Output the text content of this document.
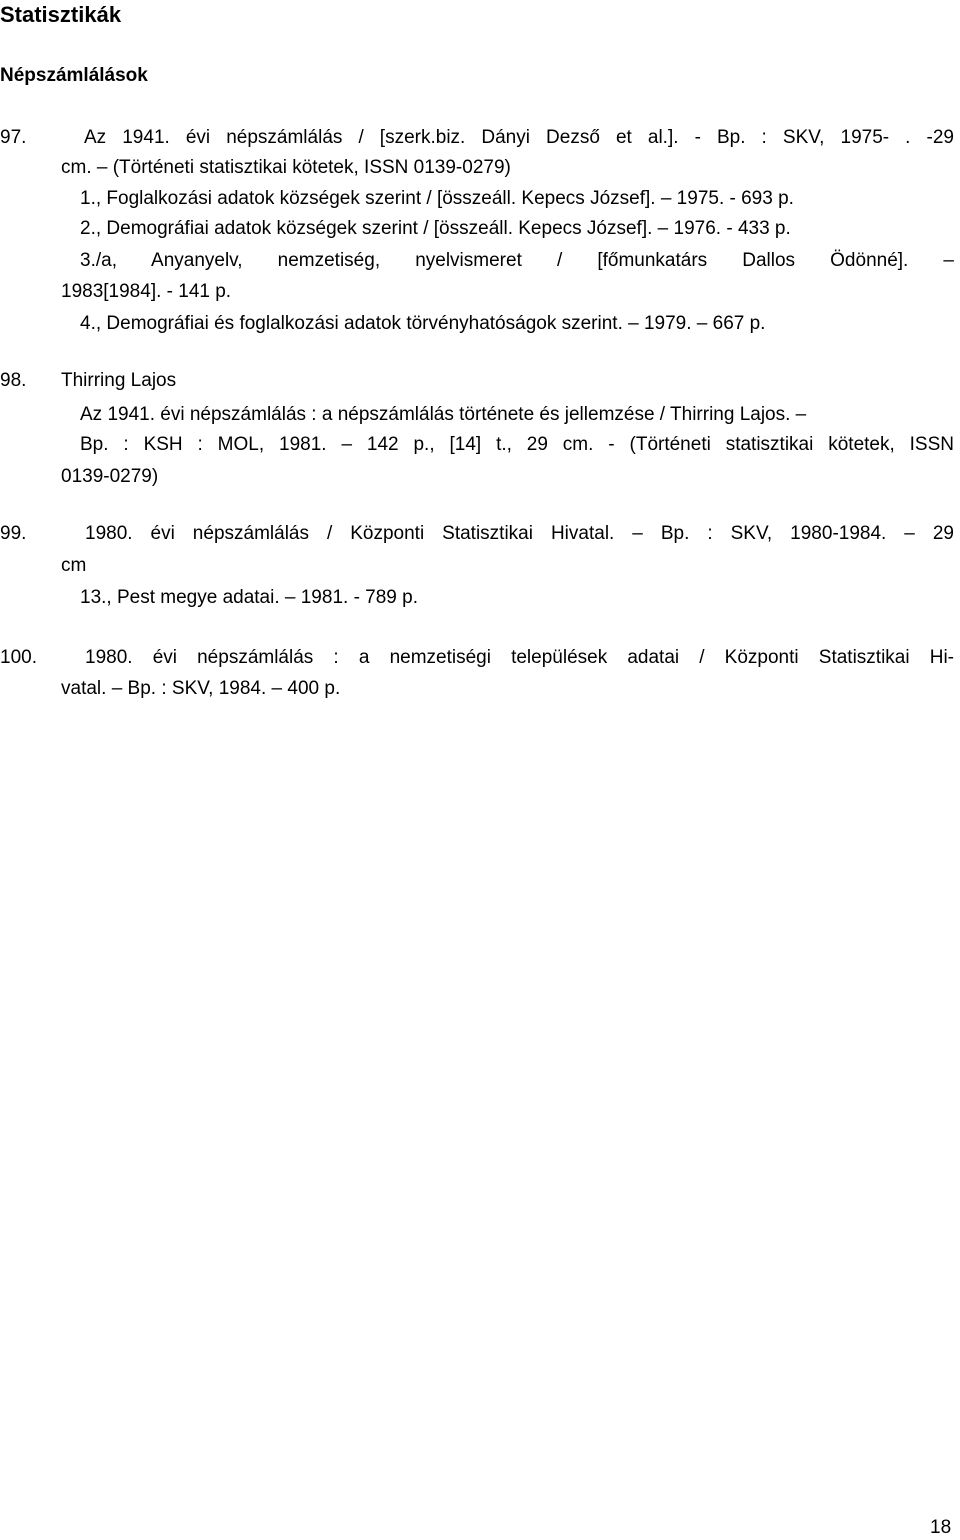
Statisztikák
Népszámlálások
97.	Az 1941. évi népszámlálás / [szerk.biz. Dányi Dezső et al.]. - Bp. : SKV, 1975- . -29
cm. – (Történeti statisztikai kötetek, ISSN 0139-0279)
1., Foglalkozási adatok községek szerint / [összeáll. Kepecs József]. – 1975. - 693 p.
2., Demográfiai adatok községek szerint / [összeáll. Kepecs József]. – 1976. - 433 p.
3./a, Anyanyelv, nemzetiség, nyelvismeret / [főmunkatárs Dallos Ödönné]. –
1983[1984]. - 141 p.
4., Demográfiai és foglalkozási adatok törvényhatóságok szerint. – 1979. – 667 p.
98. Thirring Lajos
Az 1941. évi népszámlálás : a népszámlálás története és jellemzése / Thirring Lajos. –
Bp. : KSH : MOL, 1981. – 142 p., [14] t., 29 cm. - (Történeti statisztikai kötetek, ISSN
0139-0279)
99.	1980. évi népszámlálás / Központi Statisztikai Hivatal. – Bp. : SKV, 1980-1984. – 29
cm
13., Pest megye adatai. – 1981. - 789 p.
100.	1980. évi népszámlálás : a nemzetiségi települések adatai / Központi Statisztikai Hi-
vatal. – Bp. : SKV, 1984. – 400 p.
18
